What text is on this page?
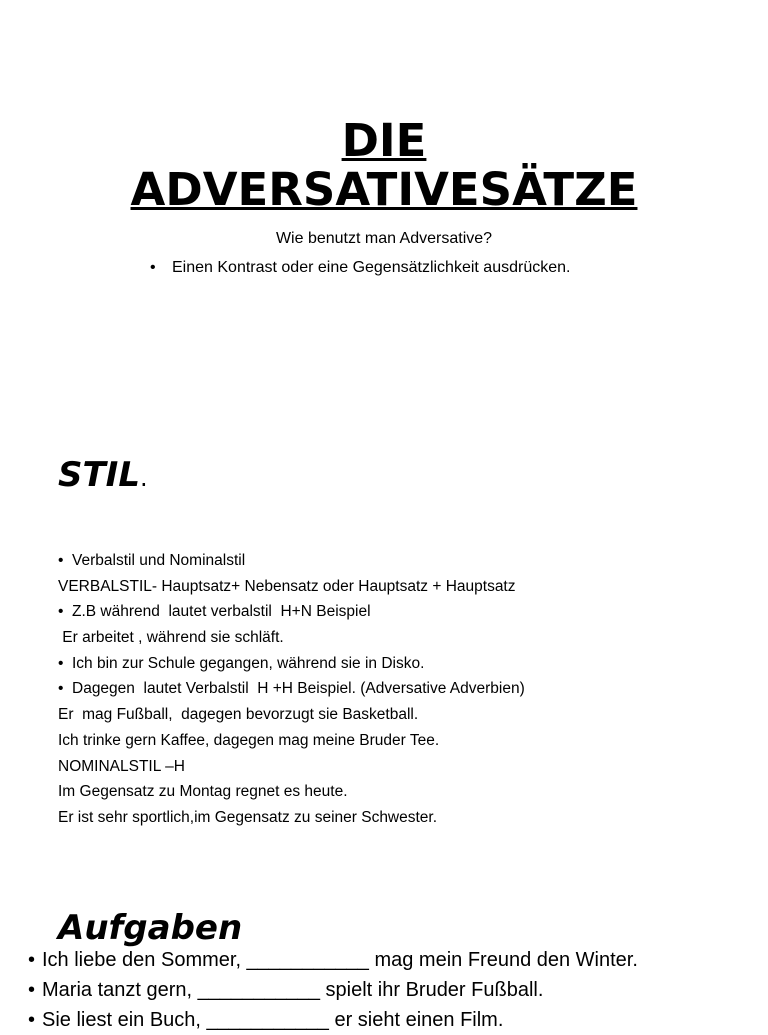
DIE
ADVERSATIVESÄTZE
Wie benutzt man Adversative?
• Einen Kontrast oder eine Gegensätzlichkeit ausdrücken.
STIL.
• Verbalstil und Nominalstil
VERBALSTIL- Hauptsatz+ Nebensatz oder Hauptsatz + Hauptsatz
• Z.B während  lautet verbalstil  H+N Beispiel
Er arbeitet , während sie schläft.
• Ich bin zur Schule gegangen, während sie in Disko.
• Dagegen  lautet Verbalstil  H +H Beispiel. (Adversative Adverbien)
Er  mag Fußball,  dagegen bevorzugt sie Basketball.
Ich trinke gern Kaffee, dagegen mag meine Bruder Tee.
NOMINALSTIL –H
Im Gegensatz zu Montag regnet es heute.
Er ist sehr sportlich,im Gegensatz zu seiner Schwester.
Aufgaben
• Ich liebe den Sommer, ___________ mag mein Freund den Winter.
• Maria tanzt gern, ___________ spielt ihr Bruder Fußball.
• Sie liest ein Buch, ___________ er sieht einen Film.
